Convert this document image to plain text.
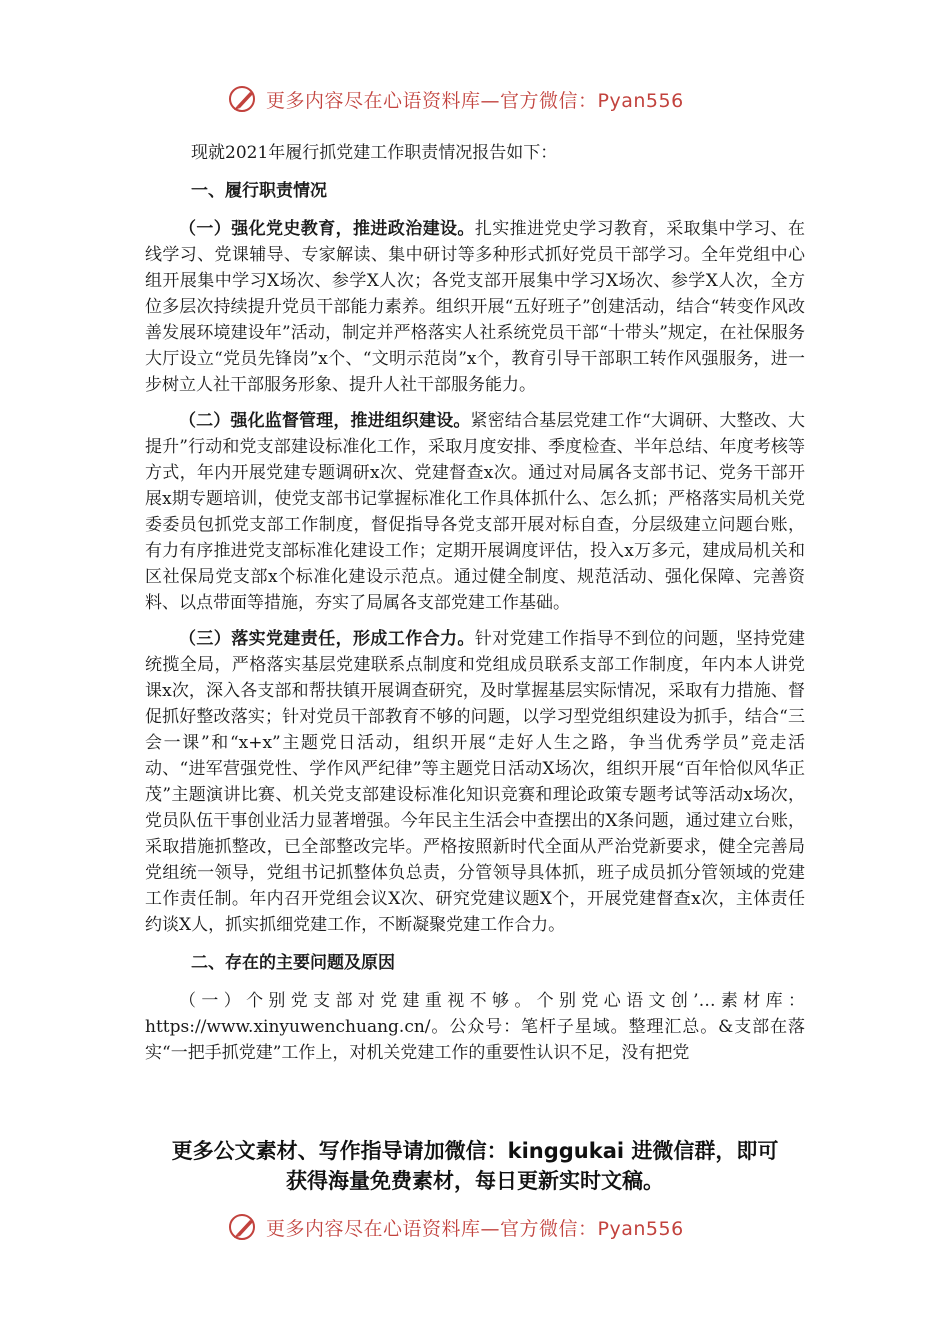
更多内容尽在心语资料库—官方微信：Pyan556

现就2021年履行抓党建工作职责情况报告如下：

一、履行职责情况

（一）强化党史教育，推进政治建设。扎实推进党史学习教育，采取集中学习、在线学习、党课辅导、专家解读、集中研讨等多种形式抓好党员干部学习。全年党组中心组开展集中学习X场次、参学X人次；各党支部开展集中学习X场次、参学X人次，全方位多层次持续提升党员干部能力素养。组织开展“五好班子”创建活动，结合“转变作风改善发展环境建设年”活动，制定并严格落实人社系统党员干部“十带头”规定，在社保服务大厅设立“党员先锋岗”x个、“文明示范岗”x个，教育引导干部职工转作风强服务，进一步树立人社干部服务形象、提升人社干部服务能力。

（二）强化监督管理，推进组织建设。紧密结合基层党建工作“大调研、大整改、大提升”行动和党支部建设标准化工作，采取月度安排、季度检查、半年总结、年度考核等方式，年内开展党建专题调研x次、党建督查x次。通过对局属各支部书记、党务干部开展x期专题培训，使党支部书记掌握标准化工作具体抓什么、怎么抓；严格落实局机关党委委员包抓党支部工作制度，督促指导各党支部开展对标自查，分层级建立问题台账，有力有序推进党支部标准化建设工作；定期开展调度评估，投入x万多元，建成局机关和区社保局党支部x个标准化建设示范点。通过健全制度、规范活动、强化保障、完善资料、以点带面等措施，夯实了局属各支部党建工作基础。

（三）落实党建责任，形成工作合力。针对党建工作指导不到位的问题，坚持党建统揽全局，严格落实基层党建联系点制度和党组成员联系支部工作制度，年内本人讲党课x次，深入各支部和帮扶镇开展调查研究，及时掌握基层实际情况，采取有力措施、督促抓好整改落实；针对党员干部教育不够的问题，以学习型党组织建设为抓手，结合“三会一课”和“x+x”主题党日活动，组织开展“走好人生之路，争当优秀学员”竞走活动、“进军营强党性、学作风严纪律”等主题党日活动X场次，组织开展“百年恰似风华正茂”主题演讲比赛、机关党支部建设标准化知识竞赛和理论政策专题考试等活动x场次，党员队伍干事创业活力显著增强。今年民主生活会中查摆出的X条问题，通过建立台账，采取措施抓整改，已全部整改完毕。严格按照新时代全面从严治党新要求，健全完善局党组统一领导，党组书记抓整体负总责，分管领导具体抓，班子成员抓分管领域的党建工作责任制。年内召开党组会议X次、研究党建议题X个，开展党建督查x次，主体责任约谈X人，抓实抓细党建工作，不断凝聚党建工作合力。

二、存在的主要问题及原因

（一）个别党支部对党建重视不够。个别党心语文创’…素材库：https://www.xinyuwenchuang.cn/。公众号：笔杆子星域。整理汇总。&支部在落实“一把手抓党建”工作上，对机关党建工作的重要性认识不足，没有把党

更多公文素材、写作指导请加微信：kinggukai 进微信群，即可
获得海量免费素材，每日更新实时文稿。
更多内容尽在心语资料库—官方微信：Pyan556
